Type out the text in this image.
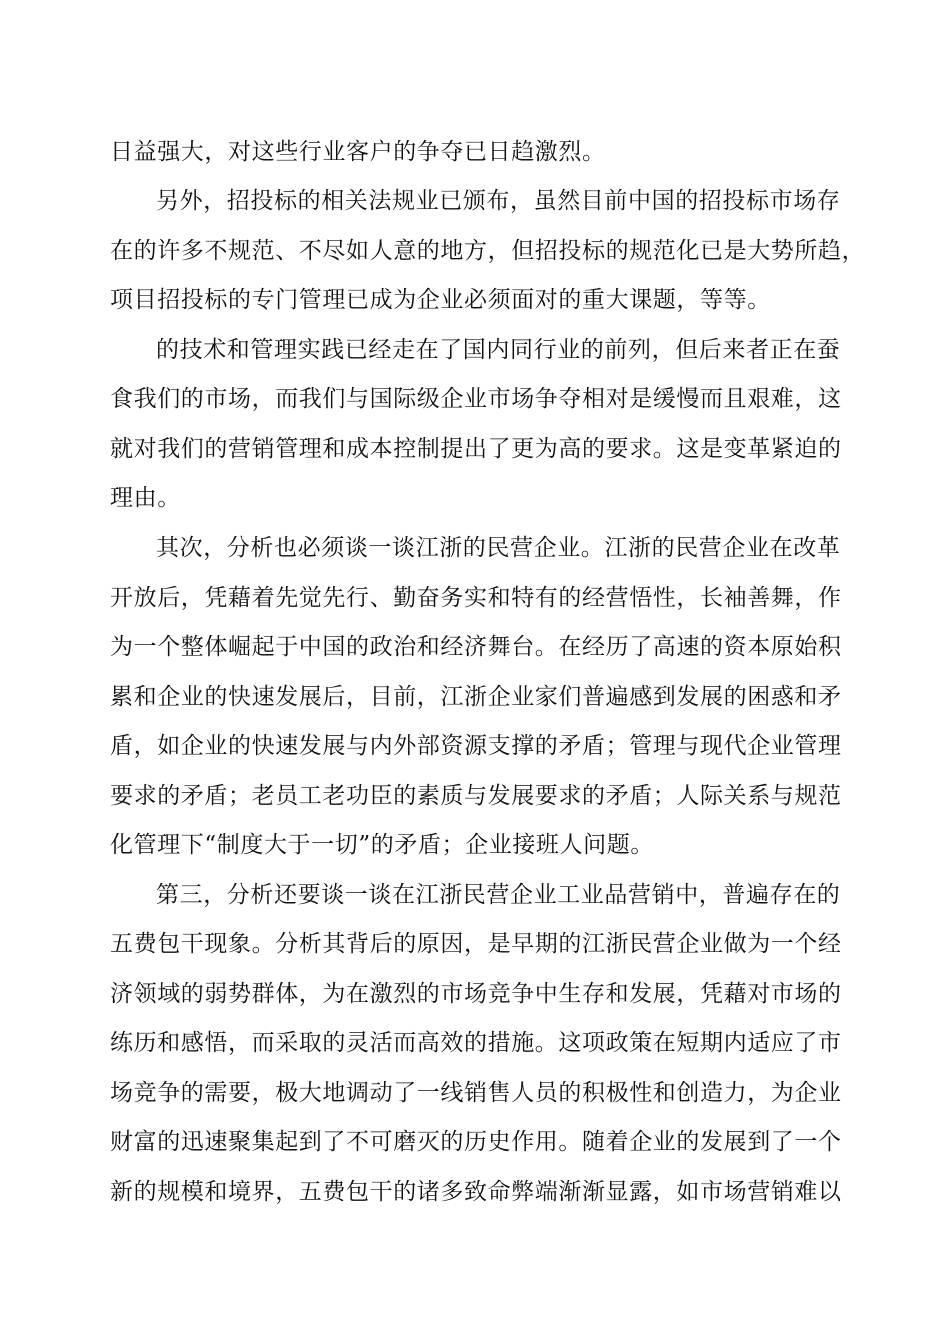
日益强大，对这些行业客户的争夺已日趋激烈。
另外，招投标的相关法规业已颁布，虽然目前中国的招投标市场存
在的许多不规范、不尽如人意的地方，但招投标的规范化已是大势所趋，
项目招投标的专门管理已成为企业必须面对的重大课题，等等。
的技术和管理实践已经走在了国内同行业的前列，但后来者正在蚕
食我们的市场，而我们与国际级企业市场争夺相对是缓慢而且艰难，这
就对我们的营销管理和成本控制提出了更为高的要求。这是变革紧迫的
理由。
其次，分析也必须谈一谈江浙的民营企业。江浙的民营企业在改革
开放后，凭藉着先觉先行、勤奋务实和特有的经营悟性，长袖善舞，作
为一个整体崛起于中国的政治和经济舞台。在经历了高速的资本原始积
累和企业的快速发展后，目前，江浙企业家们普遍感到发展的困惑和矛
盾，如企业的快速发展与内外部资源支撑的矛盾；管理与现代企业管理
要求的矛盾；老员工老功臣的素质与发展要求的矛盾；人际关系与规范
化管理下“制度大于一切”的矛盾；企业接班人问题。
第三，分析还要谈一谈在江浙民营企业工业品营销中，普遍存在的
五费包干现象。分析其背后的原因，是早期的江浙民营企业做为一个经
济领域的弱势群体，为在激烈的市场竞争中生存和发展，凭藉对市场的
练历和感悟，而采取的灵活而高效的措施。这项政策在短期内适应了市
场竞争的需要，极大地调动了一线销售人员的积极性和创造力，为企业
财富的迅速聚集起到了不可磨灭的历史作用。随着企业的发展到了一个
新的规模和境界，五费包干的诸多致命弊端渐渐显露，如市场营销难以
